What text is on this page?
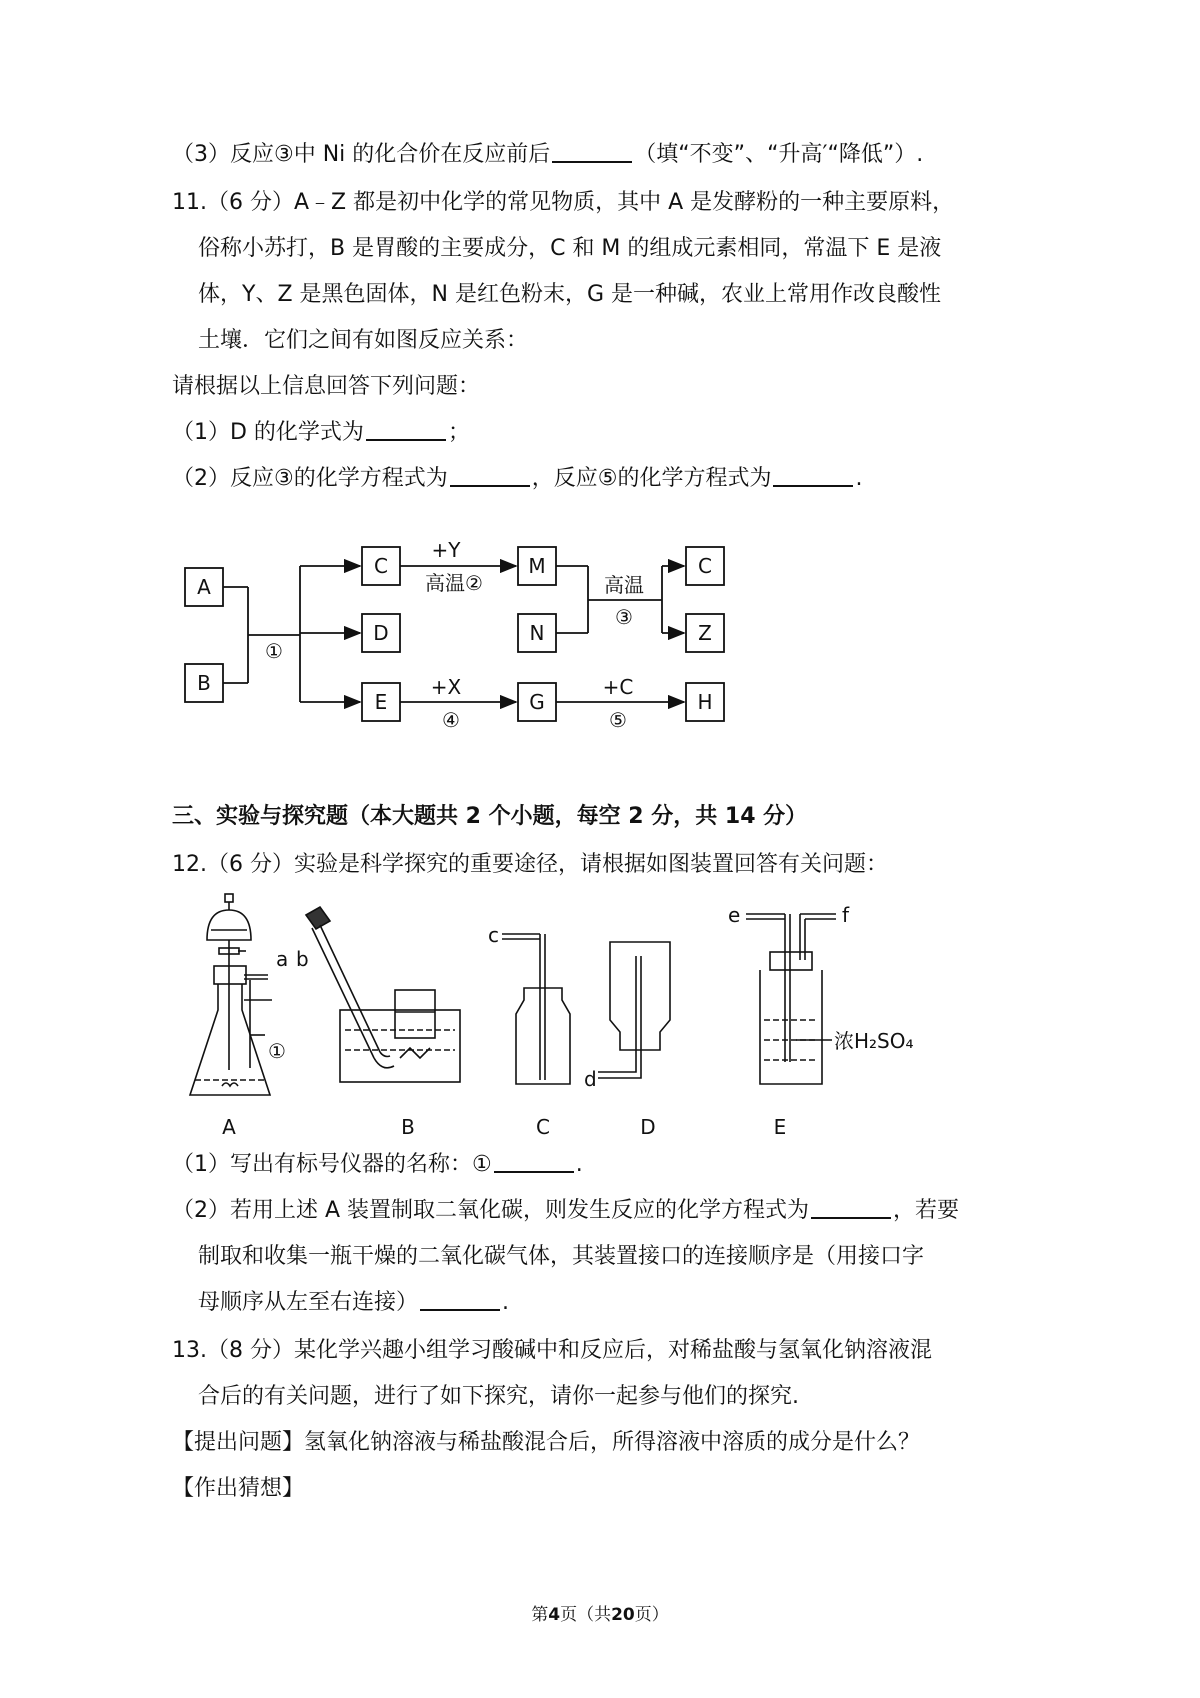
（3）反应③中 Ni 的化合价在反应前后	（填“不变”、“升高′“降低”）.
11.（6 分）A﹣Z 都是初中化学的常见物质，其中 A 是发酵粉的一种主要原料，
俗称小苏打，B 是胃酸的主要成分，C 和 M 的组成元素相同，常温下 E 是液
体，Y、Z 是黑色固体，N 是红色粉末，G 是一种碱，农业上常用作改良酸性
土壤．它们之间有如图反应关系：
请根据以上信息回答下列问题：
（1）D 的化学式为	；
（2）反应③的化学方程式为	，反应⑤的化学方程式为	.
A
B
C
D
E
M
N
C
Z
G	H
①
+Y
高温②	高温
③
+X
④
+C
⑤
三、实验与探究题（本大题共 2 个小题，每空 2 分，共 14 分）
12.（6 分）实验是科学探究的重要途径，请根据如图装置回答有关问题：
a b
c
d
e	f
①	浓H₂SO₄
A	B	C	D	E
（1）写出有标号仪器的名称：①	.
（2）若用上述 A 装置制取二氧化碳，则发生反应的化学方程式为	，若要
制取和收集一瓶干燥的二氧化碳气体，其装置接口的连接顺序是（用接口字
母顺序从左至右连接）	.
13.（8 分）某化学兴趣小组学习酸碱中和反应后，对稀盐酸与氢氧化钠溶液混
合后的有关问题，进行了如下探究，请你一起参与他们的探究.
【提出问题】氢氧化钠溶液与稀盐酸混合后，所得溶液中溶质的成分是什么？
【作出猜想】
第4页（共20页）
